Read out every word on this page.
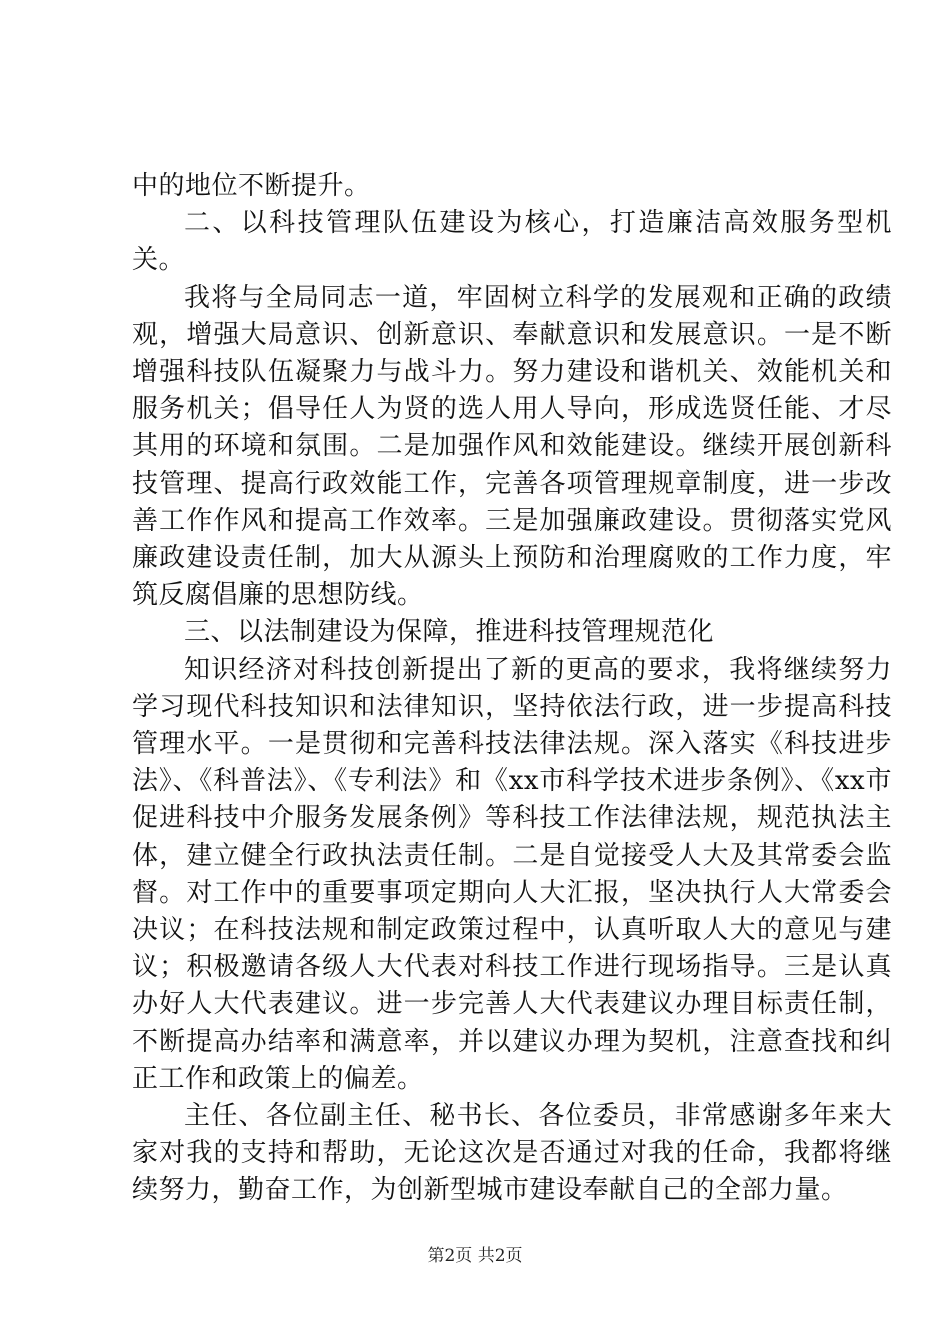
中的地位不断提升。

二、以科技管理队伍建设为核心，打造廉洁高效服务型机关。

我将与全局同志一道，牢固树立科学的发展观和正确的政绩观，增强大局意识、创新意识、奉献意识和发展意识。一是不断增强科技队伍凝聚力与战斗力。努力建设和谐机关、效能机关和服务机关；倡导任人为贤的选人用人导向，形成选贤任能、才尽其用的环境和氛围。二是加强作风和效能建设。继续开展创新科技管理、提高行政效能工作，完善各项管理规章制度，进一步改善工作作风和提高工作效率。三是加强廉政建设。贯彻落实党风廉政建设责任制，加大从源头上预防和治理腐败的工作力度，牢筑反腐倡廉的思想防线。

三、以法制建设为保障，推进科技管理规范化

知识经济对科技创新提出了新的更高的要求，我将继续努力学习现代科技知识和法律知识，坚持依法行政，进一步提高科技管理水平。一是贯彻和完善科技法律法规。深入落实《科技进步法》、《科普法》、《专利法》和《xx市科学技术进步条例》、《xx市促进科技中介服务发展条例》等科技工作法律法规，规范执法主体，建立健全行政执法责任制。二是自觉接受人大及其常委会监督。对工作中的重要事项定期向人大汇报，坚决执行人大常委会决议；在科技法规和制定政策过程中，认真听取人大的意见与建议；积极邀请各级人大代表对科技工作进行现场指导。三是认真办好人大代表建议。进一步完善人大代表建议办理目标责任制，不断提高办结率和满意率，并以建议办理为契机，注意查找和纠正工作和政策上的偏差。

主任、各位副主任、秘书长、各位委员，非常感谢多年来大家对我的支持和帮助，无论这次是否通过对我的任命，我都将继续努力，勤奋工作，为创新型城市建设奉献自己的全部力量。

第2页 共2页
